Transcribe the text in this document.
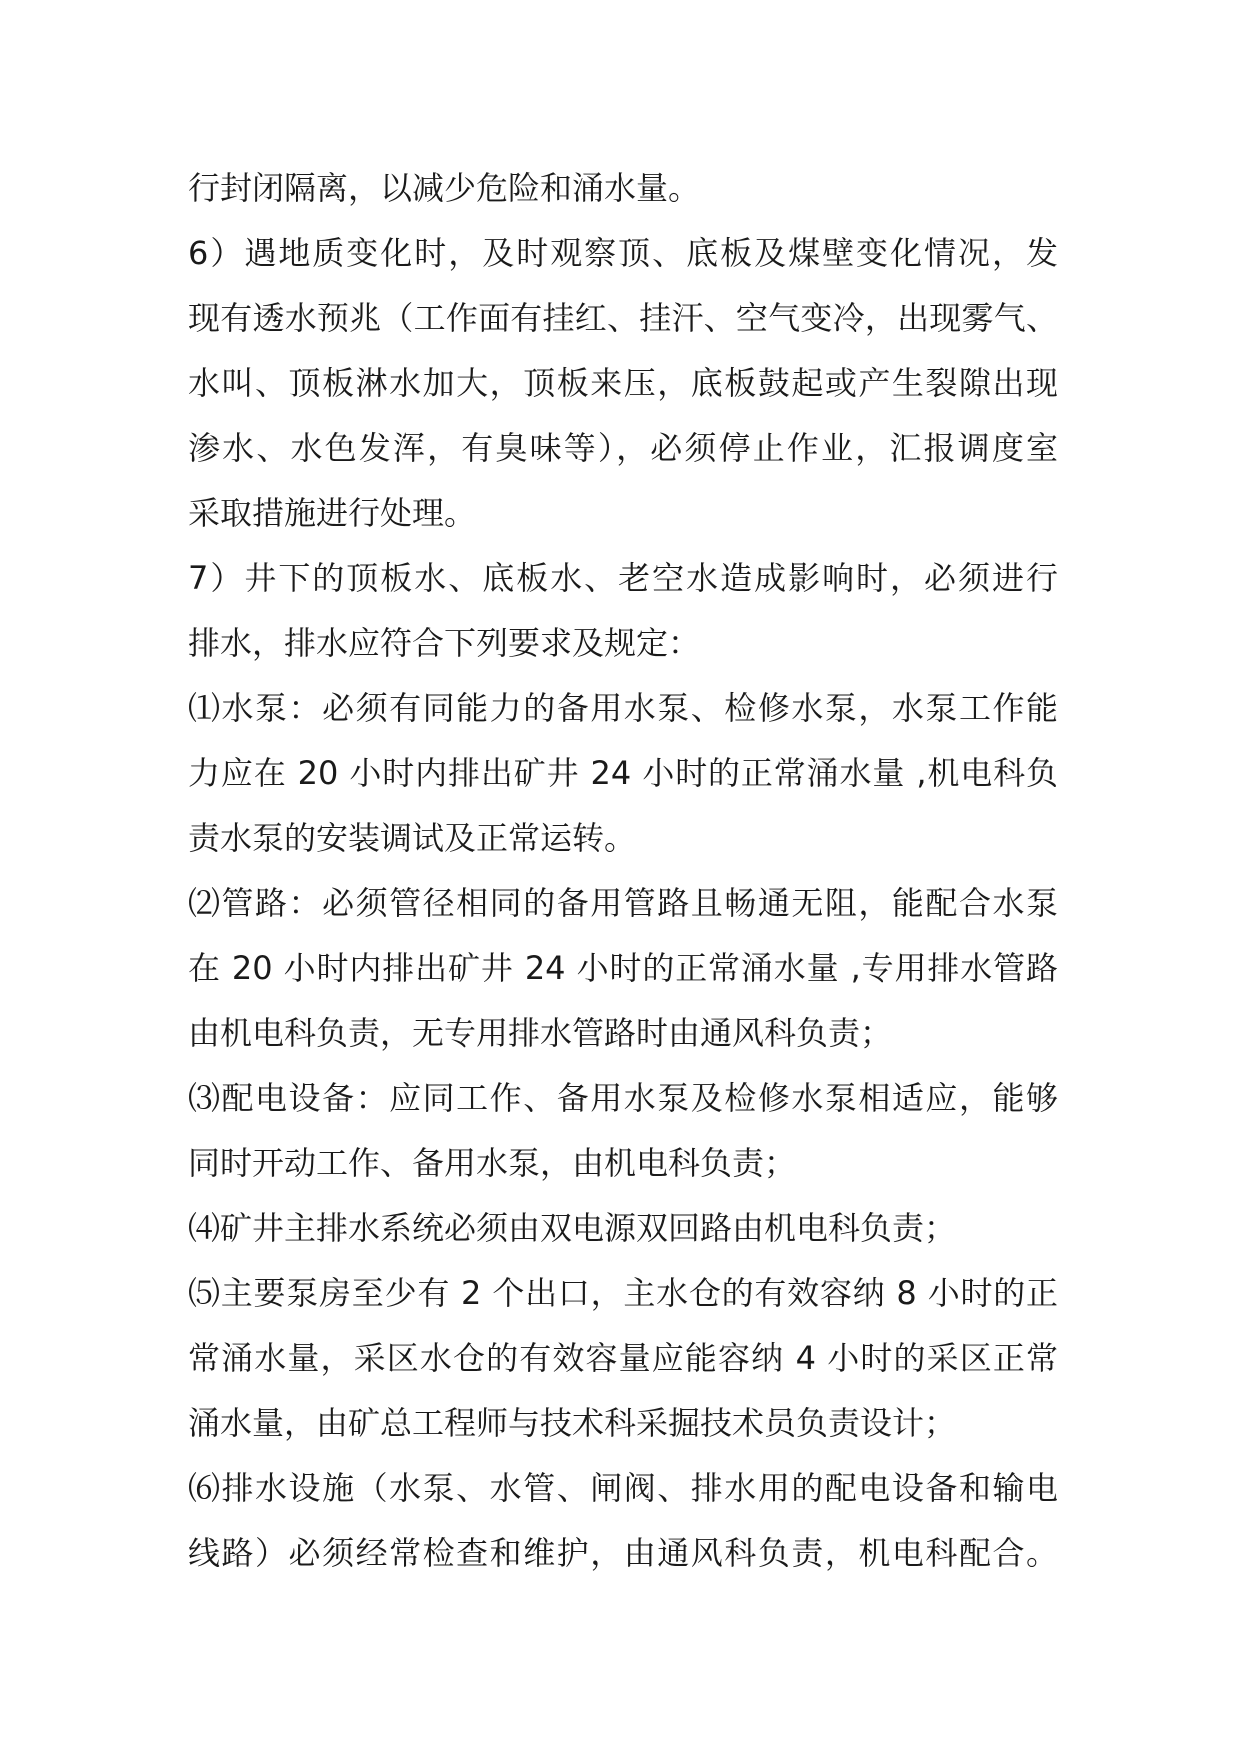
行封闭隔离，以减少危险和涌水量。
6）遇地质变化时，及时观察顶、底板及煤壁变化情况，发
现有透水预兆（工作面有挂红、挂汗、空气变冷，出现雾气、
水叫、顶板淋水加大，顶板来压，底板鼓起或产生裂隙出现
渗水、水色发浑，有臭味等），必须停止作业，汇报调度室
采取措施进行处理。
7）井下的顶板水、底板水、老空水造成影响时，必须进行
排水，排水应符合下列要求及规定：
⑴水泵：必须有同能力的备用水泵、检修水泵，水泵工作能
力应在 20 小时内排出矿井 24 小时的正常涌水量 ,机电科负
责水泵的安装调试及正常运转。
⑵管路：必须管径相同的备用管路且畅通无阻，能配合水泵
在 20 小时内排出矿井 24 小时的正常涌水量 ,专用排水管路
由机电科负责，无专用排水管路时由通风科负责；
⑶配电设备：应同工作、备用水泵及检修水泵相适应，能够
同时开动工作、备用水泵，由机电科负责；
⑷矿井主排水系统必须由双电源双回路由机电科负责；
⑸主要泵房至少有 2 个出口，主水仓的有效容纳 8 小时的正
常涌水量，采区水仓的有效容量应能容纳 4 小时的采区正常
涌水量，由矿总工程师与技术科采掘技术员负责设计；
⑹排水设施（水泵、水管、闸阀、排水用的配电设备和输电
线路）必须经常检查和维护，由通风科负责，机电科配合。
